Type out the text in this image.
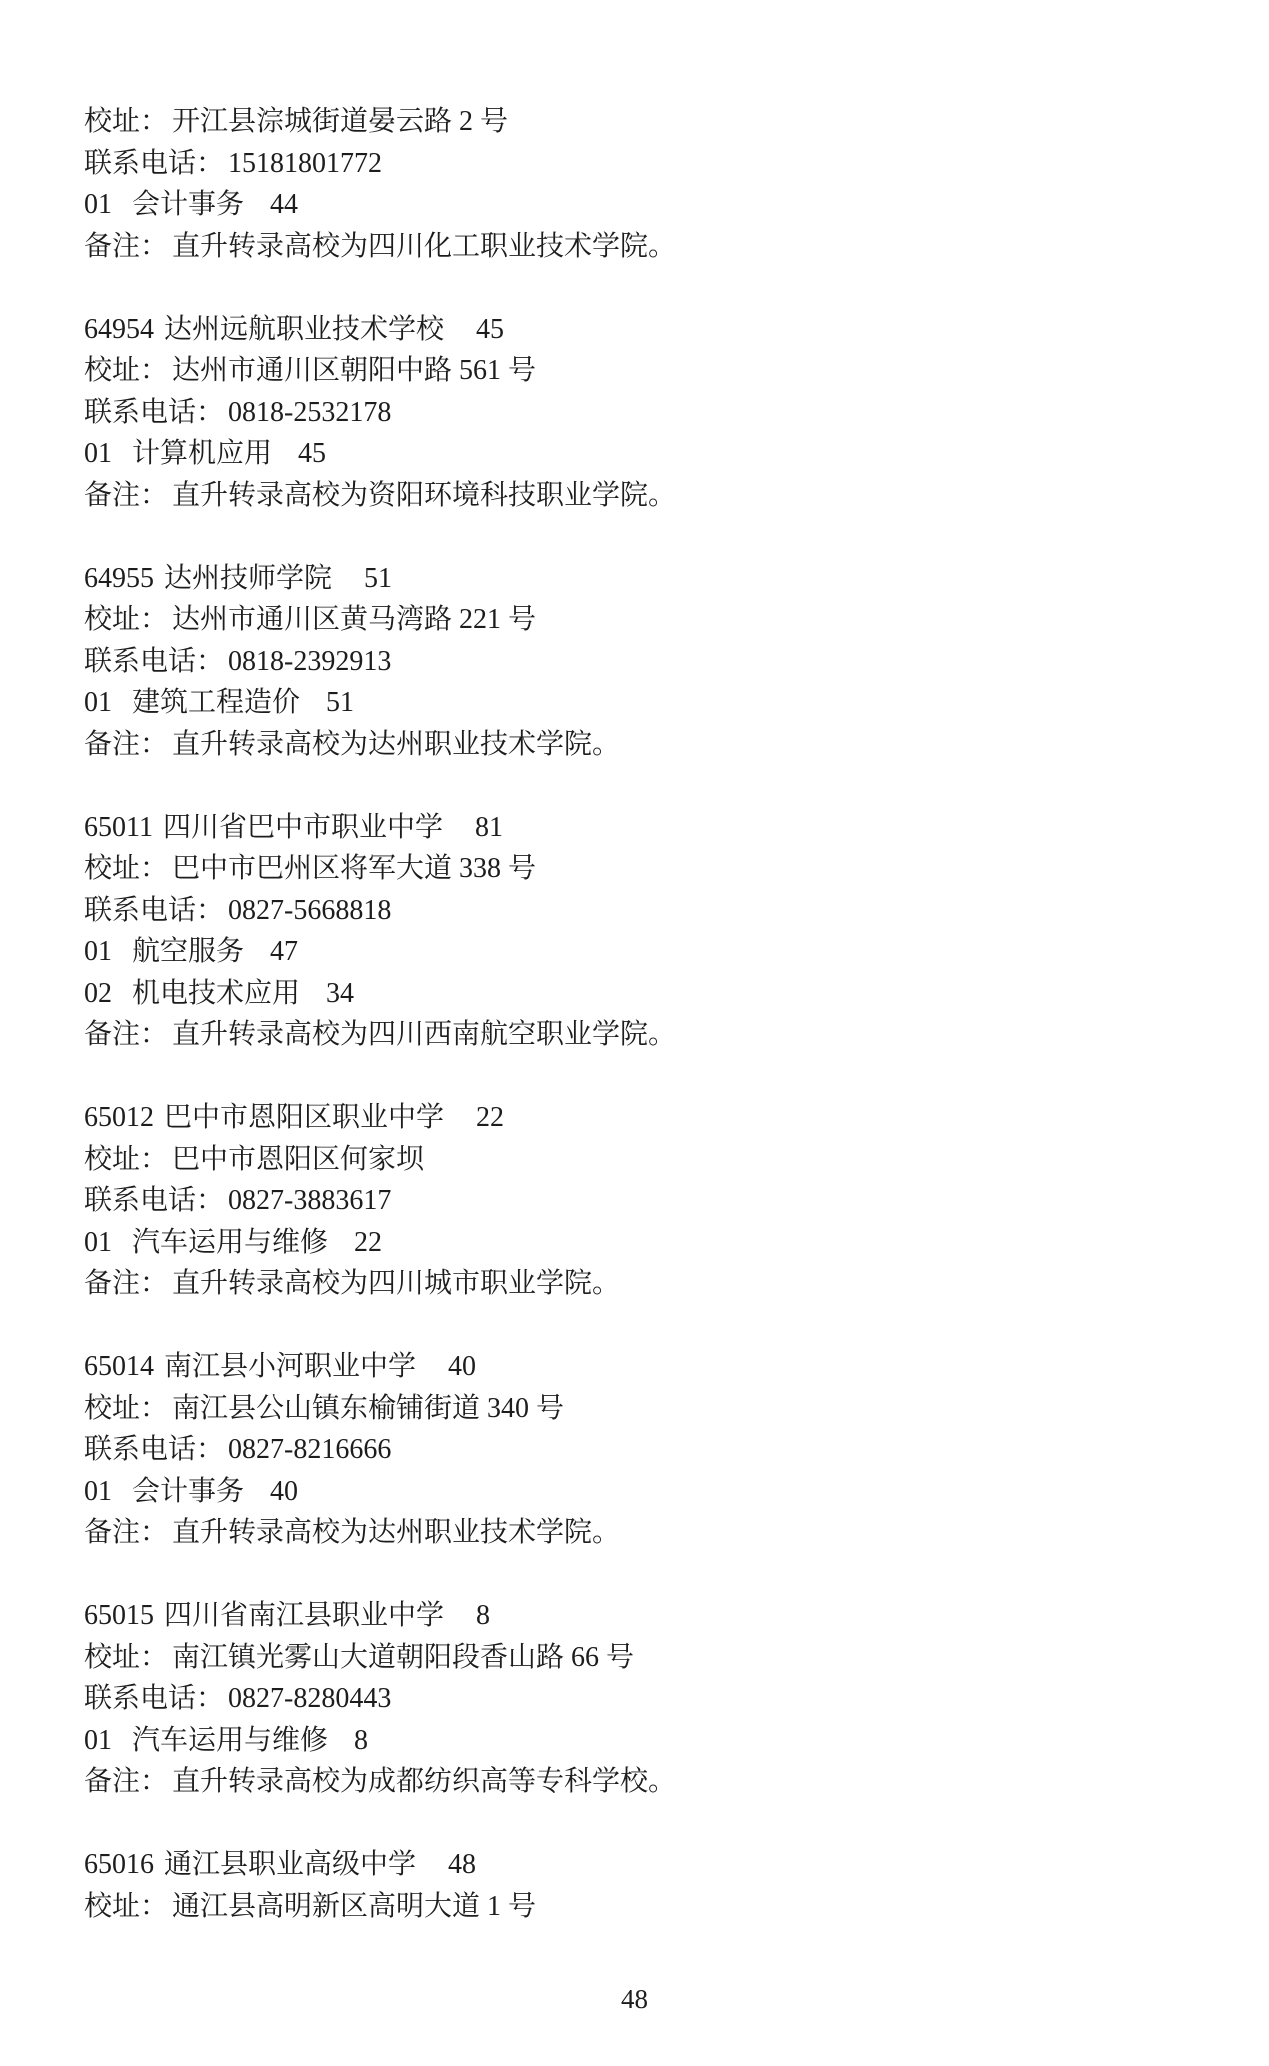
校址： 开江县淙城街道晏云路 2 号
联系电话： 15181801772
01 会计事务 44
备注： 直升转录高校为四川化工职业技术学院。
64954 达州远航职业技术学校 45
校址： 达州市通川区朝阳中路 561 号
联系电话： 0818-2532178
01 计算机应用 45
备注： 直升转录高校为资阳环境科技职业学院。
64955 达州技师学院 51
校址： 达州市通川区黄马湾路 221 号
联系电话： 0818-2392913
01 建筑工程造价 51
备注： 直升转录高校为达州职业技术学院。
65011 四川省巴中市职业中学 81
校址： 巴中市巴州区将军大道 338 号
联系电话： 0827-5668818
01 航空服务 47
02 机电技术应用 34
备注： 直升转录高校为四川西南航空职业学院。
65012 巴中市恩阳区职业中学 22
校址： 巴中市恩阳区何家坝
联系电话： 0827-3883617
01 汽车运用与维修 22
备注： 直升转录高校为四川城市职业学院。
65014 南江县小河职业中学 40
校址： 南江县公山镇东榆铺街道 340 号
联系电话： 0827-8216666
01 会计事务 40
备注： 直升转录高校为达州职业技术学院。
65015 四川省南江县职业中学 8
校址： 南江镇光雾山大道朝阳段香山路 66 号
联系电话： 0827-8280443
01 汽车运用与维修 8
备注： 直升转录高校为成都纺织高等专科学校。
65016 通江县职业高级中学 48
校址： 通江县高明新区高明大道 1 号
48
